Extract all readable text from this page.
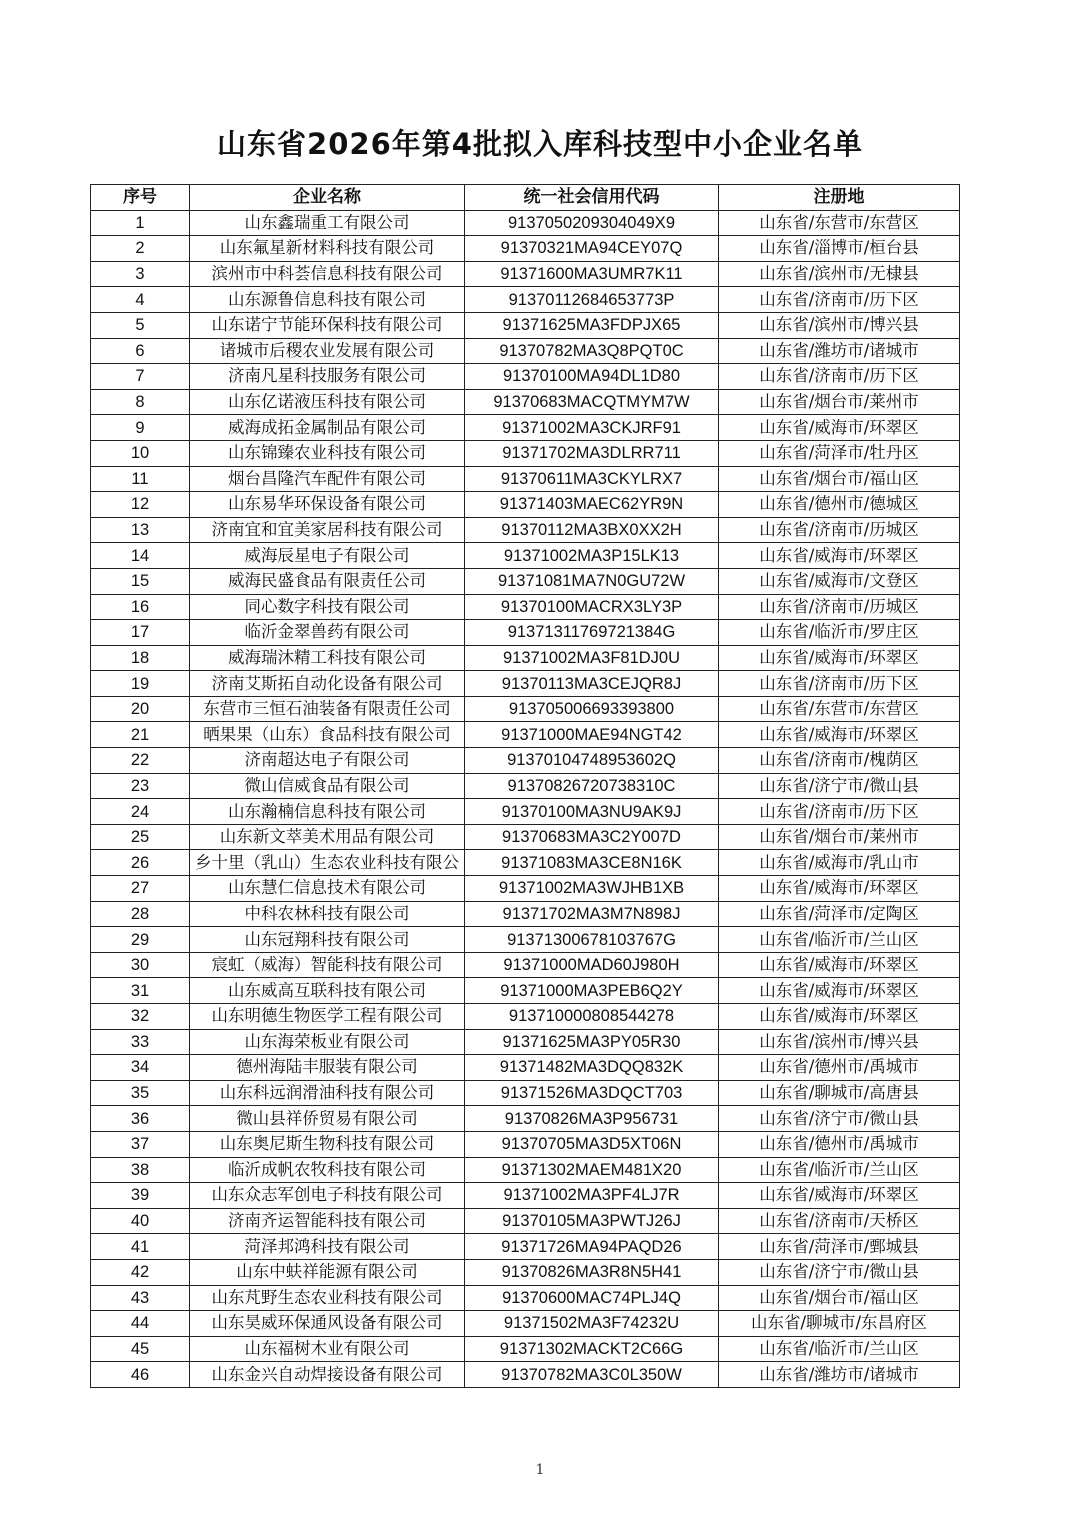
山东省2026年第4批拟入库科技型中小企业名单
序号	企业名称	统一社会信用代码	注册地
1	山东鑫瑞重工有限公司	9137050209304049X9	山东省/东营市/东营区
2	山东氟星新材料科技有限公司	91370321MA94CEY07Q	山东省/淄博市/桓台县
3	滨州市中科荟信息科技有限公司	91371600MA3UMR7K11	山东省/滨州市/无棣县
4	山东源鲁信息科技有限公司	91370112684653773P	山东省/济南市/历下区
5	山东诺宁节能环保科技有限公司	91371625MA3FDPJX65	山东省/滨州市/博兴县
6	诸城市后稷农业发展有限公司	91370782MA3Q8PQT0C	山东省/潍坊市/诸城市
7	济南凡星科技服务有限公司	91370100MA94DL1D80	山东省/济南市/历下区
8	山东亿诺液压科技有限公司	91370683MACQTMYM7W	山东省/烟台市/莱州市
9	威海成拓金属制品有限公司	91371002MA3CKJRF91	山东省/威海市/环翠区
10	山东锦臻农业科技有限公司	91371702MA3DLRR711	山东省/菏泽市/牡丹区
11	烟台昌隆汽车配件有限公司	91370611MA3CKYLRX7	山东省/烟台市/福山区
12	山东易华环保设备有限公司	91371403MAEC62YR9N	山东省/德州市/德城区
13	济南宜和宜美家居科技有限公司	91370112MA3BX0XX2H	山东省/济南市/历城区
14	威海辰星电子有限公司	91371002MA3P15LK13	山东省/威海市/环翠区
15	威海民盛食品有限责任公司	91371081MA7N0GU72W	山东省/威海市/文登区
16	同心数字科技有限公司	91370100MACRX3LY3P	山东省/济南市/历城区
17	临沂金翠兽药有限公司	91371311769721384G	山东省/临沂市/罗庄区
18	威海瑞沐精工科技有限公司	91371002MA3F81DJ0U	山东省/威海市/环翠区
19	济南艾斯拓自动化设备有限公司	91370113MA3CEJQR8J	山东省/济南市/历下区
20	东营市三恒石油装备有限责任公司	913705006693393800	山东省/东营市/东营区
21	晒果果（山东）食品科技有限公司	91371000MAE94NGT42	山东省/威海市/环翠区
22	济南超达电子有限公司	91370104748953602Q	山东省/济南市/槐荫区
23	微山信威食品有限公司	91370826720738310C	山东省/济宁市/微山县
24	山东瀚楠信息科技有限公司	91370100MA3NU9AK9J	山东省/济南市/历下区
25	山东新文萃美术用品有限公司	91370683MA3C2Y007D	山东省/烟台市/莱州市
26	乡十里（乳山）生态农业科技有限公	91371083MA3CE8N16K	山东省/威海市/乳山市
27	山东慧仁信息技术有限公司	91371002MA3WJHB1XB	山东省/威海市/环翠区
28	中科农林科技有限公司	91371702MA3M7N898J	山东省/菏泽市/定陶区
29	山东冠翔科技有限公司	91371300678103767G	山东省/临沂市/兰山区
30	宸虹（威海）智能科技有限公司	91371000MAD60J980H	山东省/威海市/环翠区
31	山东威高互联科技有限公司	91371000MA3PEB6Q2Y	山东省/威海市/环翠区
32	山东明德生物医学工程有限公司	913710000808544278	山东省/威海市/环翠区
33	山东海荣板业有限公司	91371625MA3PY05R30	山东省/滨州市/博兴县
34	德州海陆丰服装有限公司	91371482MA3DQQ832K	山东省/德州市/禹城市
35	山东科远润滑油科技有限公司	91371526MA3DQCT703	山东省/聊城市/高唐县
36	微山县祥侨贸易有限公司	91370826MA3P956731	山东省/济宁市/微山县
37	山东奥尼斯生物科技有限公司	91370705MA3D5XT06N	山东省/德州市/禹城市
38	临沂成帆农牧科技有限公司	91371302MAEM481X20	山东省/临沂市/兰山区
39	山东众志军创电子科技有限公司	91371002MA3PF4LJ7R	山东省/威海市/环翠区
40	济南齐运智能科技有限公司	91370105MA3PWTJ26J	山东省/济南市/天桥区
41	菏泽邦鸿科技有限公司	91371726MA94PAQD26	山东省/菏泽市/鄄城县
42	山东中蚨祥能源有限公司	91370826MA3R8N5H41	山东省/济宁市/微山县
43	山东芃野生态农业科技有限公司	91370600MAC74PLJ4Q	山东省/烟台市/福山区
44	山东昊威环保通风设备有限公司	91371502MA3F74232U	山东省/聊城市/东昌府区
45	山东福树木业有限公司	91371302MACKT2C66G	山东省/临沂市/兰山区
46	山东金兴自动焊接设备有限公司	91370782MA3C0L350W	山东省/潍坊市/诸城市
1
